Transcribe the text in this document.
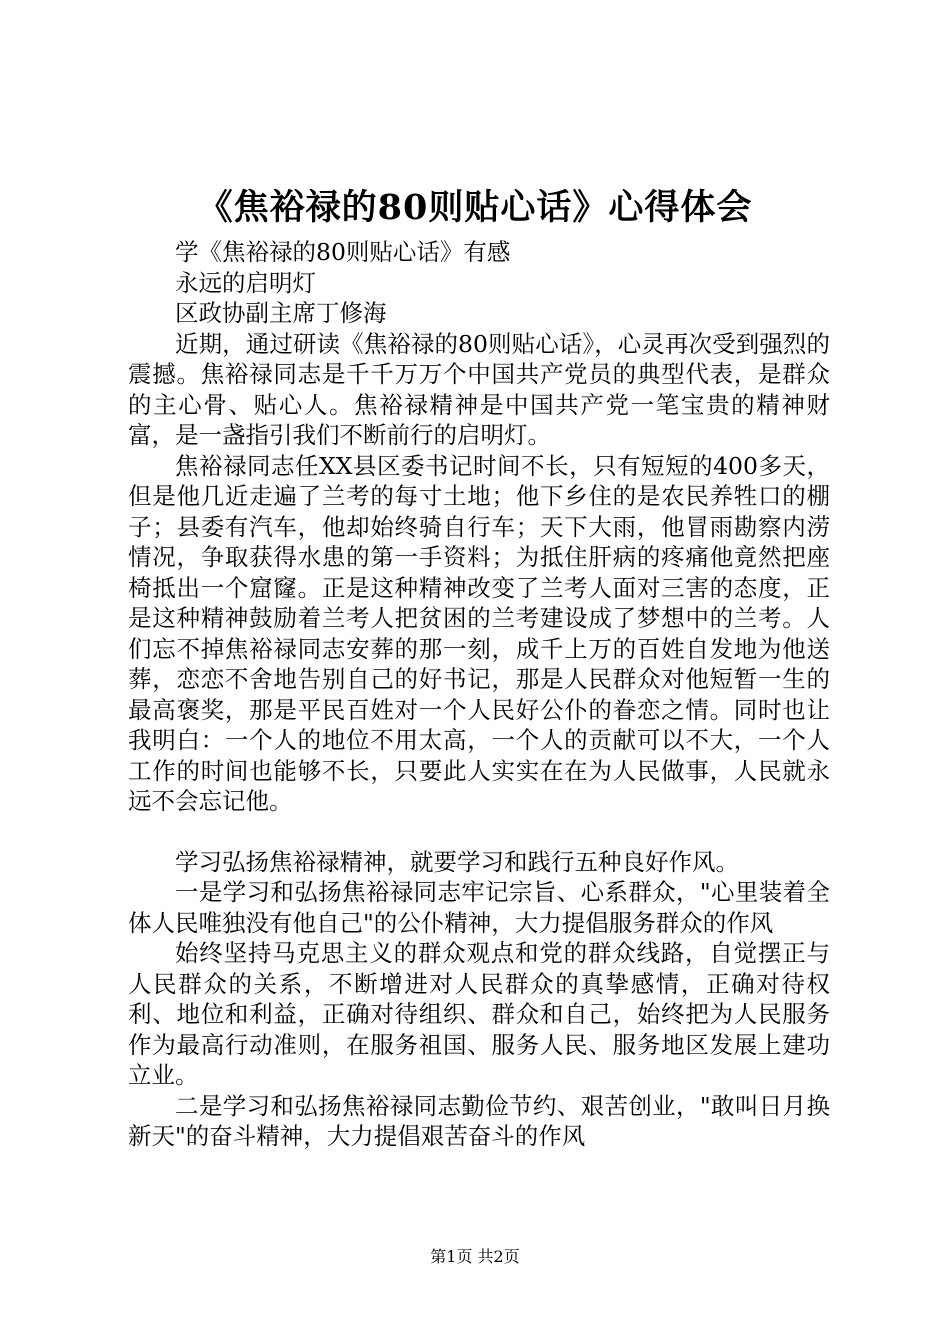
《焦裕禄的80则贴心话》心得体会

学《焦裕禄的80则贴心话》有感

永远的启明灯

区政协副主席丁修海

近期，通过研读《焦裕禄的80则贴心话》，心灵再次受到强烈的震撼。焦裕禄同志是千千万万个中国共产党员的典型代表，是群众的主心骨、贴心人。焦裕禄精神是中国共产党一笔宝贵的精神财富，是一盏指引我们不断前行的启明灯。

焦裕禄同志任XX县区委书记时间不长，只有短短的400多天，但是他几近走遍了兰考的每寸土地；他下乡住的是农民养牲口的棚子；县委有汽车，他却始终骑自行车；天下大雨，他冒雨勘察内涝情况，争取获得水患的第一手资料；为抵住肝病的疼痛他竟然把座椅抵出一个窟窿。正是这种精神改变了兰考人面对三害的态度，正是这种精神鼓励着兰考人把贫困的兰考建设成了梦想中的兰考。人们忘不掉焦裕禄同志安葬的那一刻，成千上万的百姓自发地为他送葬，恋恋不舍地告别自己的好书记，那是人民群众对他短暂一生的最高褒奖，那是平民百姓对一个人民好公仆的眷恋之情。同时也让我明白：一个人的地位不用太高，一个人的贡献可以不大，一个人工作的时间也能够不长，只要此人实实在在为人民做事，人民就永远不会忘记他。

学习弘扬焦裕禄精神，就要学习和践行五种良好作风。

一是学习和弘扬焦裕禄同志牢记宗旨、心系群众，"心里装着全体人民唯独没有他自己"的公仆精神，大力提倡服务群众的作风

始终坚持马克思主义的群众观点和党的群众线路，自觉摆正与人民群众的关系，不断增进对人民群众的真挚感情，正确对待权利、地位和利益，正确对待组织、群众和自己，始终把为人民服务作为最高行动准则，在服务祖国、服务人民、服务地区发展上建功立业。

二是学习和弘扬焦裕禄同志勤俭节约、艰苦创业，"敢叫日月换新天"的奋斗精神，大力提倡艰苦奋斗的作风

第1页 共2页
